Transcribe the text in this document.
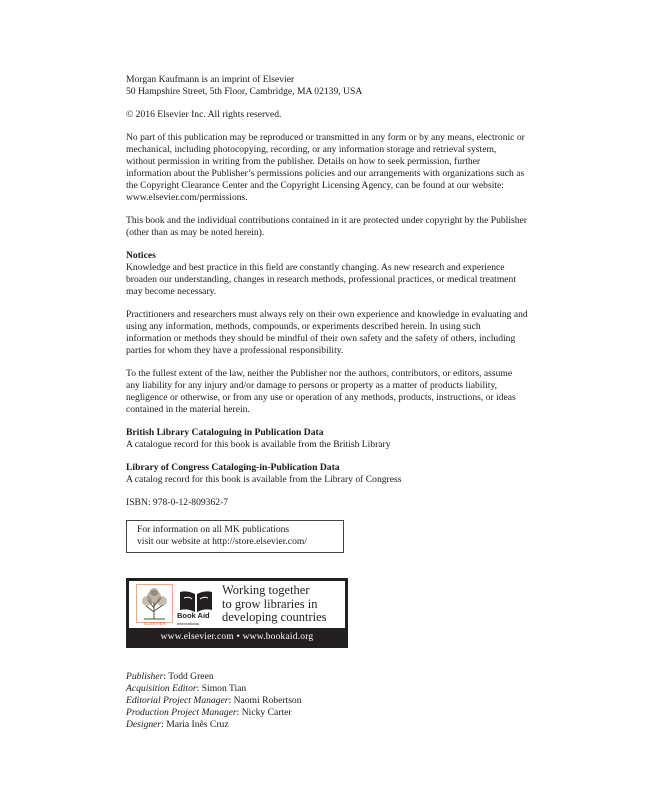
Morgan Kaufmann is an imprint of Elsevier

50 Hampshire Street, 5th Floor, Cambridge, MA 02139, USA

© 2016 Elsevier Inc. All rights reserved.

No part of this publication may be reproduced or transmitted in any form or by any means, electronic or
mechanical, including photocopying, recording, or any information storage and retrieval system,
without permission in writing from the publisher. Details on how to seek permission, further
information about the Publisher’s permissions policies and our arrangements with organizations such as
the Copyright Clearance Center and the Copyright Licensing Agency, can be found at our website:
www.elsevier.com/permissions.

This book and the individual contributions contained in it are protected under copyright by the Publisher
(other than as may be noted herein).

Notices

Knowledge and best practice in this field are constantly changing. As new research and experience
broaden our understanding, changes in research methods, professional practices, or medical treatment
may become necessary.

Practitioners and researchers must always rely on their own experience and knowledge in evaluating and
using any information, methods, compounds, or experiments described herein. In using such
information or methods they should be mindful of their own safety and the safety of others, including
parties for whom they have a professional responsibility.

To the fullest extent of the law, neither the Publisher nor the authors, contributors, or editors, assume
any liability for any injury and/or damage to persons or property as a matter of products liability,
negligence or otherwise, or from any use or operation of any methods, products, instructions, or ideas
contained in the material herein.

British Library Cataloguing in Publication Data

A catalogue record for this book is available from the British Library

Library of Congress Cataloging-in-Publication Data

A catalog record for this book is available from the Library of Congress

ISBN: 978-0-12-809362-7

For information on all MK publications

visit our website at http://store.elsevier.com/

ELSEVIER
Book Aid
International
Working together
to grow libraries in
developing countries
www.elsevier.com • www.bookaid.org

Publisher: Todd Green

Acquisition Editor: Simon Tian

Editorial Project Manager: Naomi Robertson

Production Project Manager: Nicky Carter

Designer: Maria Inês Cruz
